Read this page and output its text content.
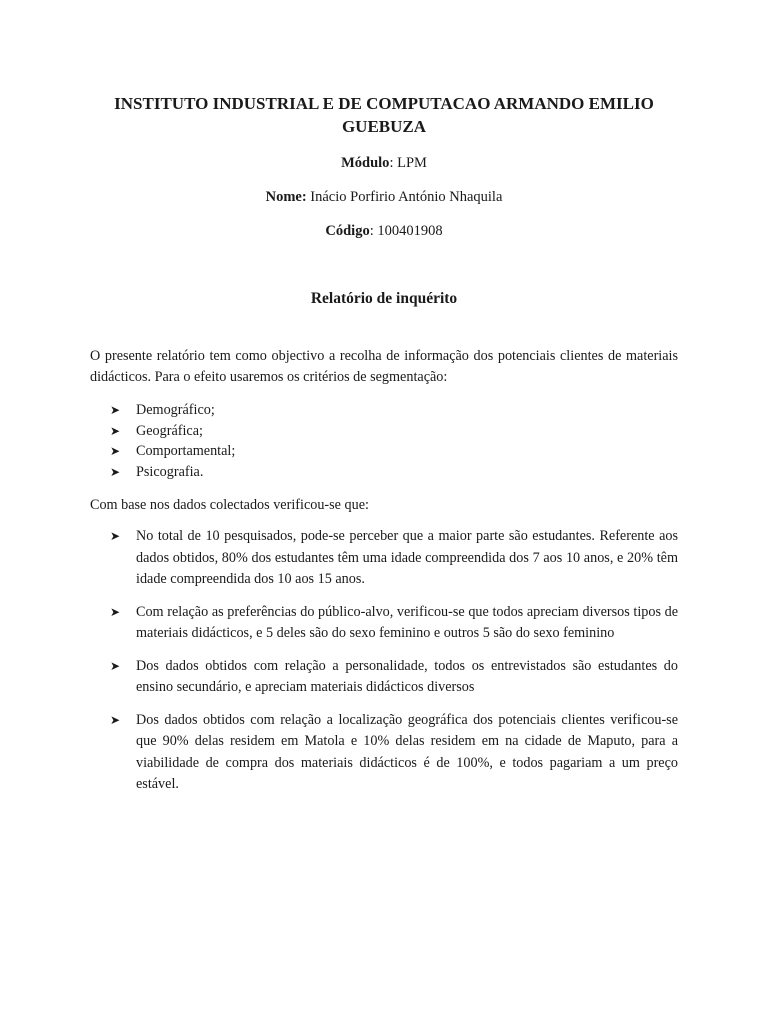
INSTITUTO INDUSTRIAL E DE COMPUTACAO ARMANDO EMILIO GUEBUZA

Módulo: LPM
Nome: Inácio Porfirio António Nhaquila
Código: 100401908
Relatório de inquérito

O presente relatório tem como objectivo a recolha de informação dos potenciais clientes de materiais didácticos. Para o efeito usaremos os critérios de segmentação:

➤ Demográfico;
➤ Geográfica;
➤ Comportamental;
➤ Psicografia.

Com base nos dados colectados verificou-se que:

➤ No total de 10 pesquisados, pode-se perceber que a maior parte são estudantes. Referente aos dados obtidos, 80% dos estudantes têm uma idade compreendida dos 7 aos 10 anos, e 20% têm idade compreendida dos 10 aos 15 anos.
➤ Com relação as preferências do público-alvo, verificou-se que todos apreciam diversos tipos de materiais didácticos, e 5 deles são do sexo feminino e outros 5 são do sexo feminino
➤ Dos dados obtidos com relação a personalidade, todos os entrevistados são estudantes do ensino secundário, e apreciam materiais didácticos diversos
➤ Dos dados obtidos com relação a localização geográfica dos potenciais clientes verificou-se que 90% delas residem em Matola e 10% delas residem em na cidade de Maputo, para a viabilidade de compra dos materiais didácticos é de 100%, e todos pagariam a um preço estável.
